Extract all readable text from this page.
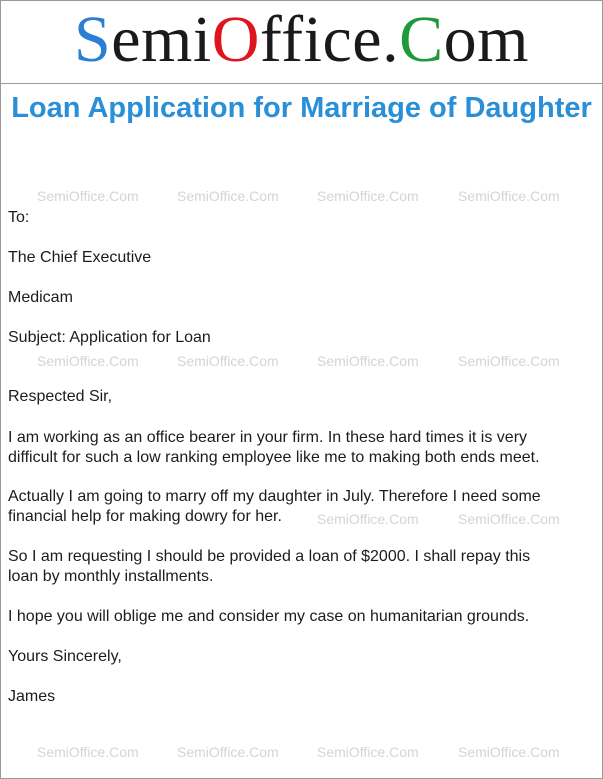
SemiOffice.Com
Loan Application for Marriage of Daughter
SemiOffice.Com	SemiOffice.Com	SemiOffice.Com	SemiOffice.Com
SemiOffice.Com	SemiOffice.Com	SemiOffice.Com	SemiOffice.Com
SemiOffice.Com	SemiOffice.Com
SemiOffice.Com	SemiOffice.Com	SemiOffice.Com	SemiOffice.Com
To:
The Chief Executive
Medicam
Subject: Application for Loan
Respected Sir,
I am working as an office bearer in your firm. In these hard times it is very
difficult for such a low ranking employee like me to making both ends meet.
Actually I am going to marry off my daughter in July. Therefore I need some
financial help for making dowry for her.
So I am requesting I should be provided a loan of $2000. I shall repay this
loan by monthly installments.
I hope you will oblige me and consider my case on humanitarian grounds.
Yours Sincerely,
James
